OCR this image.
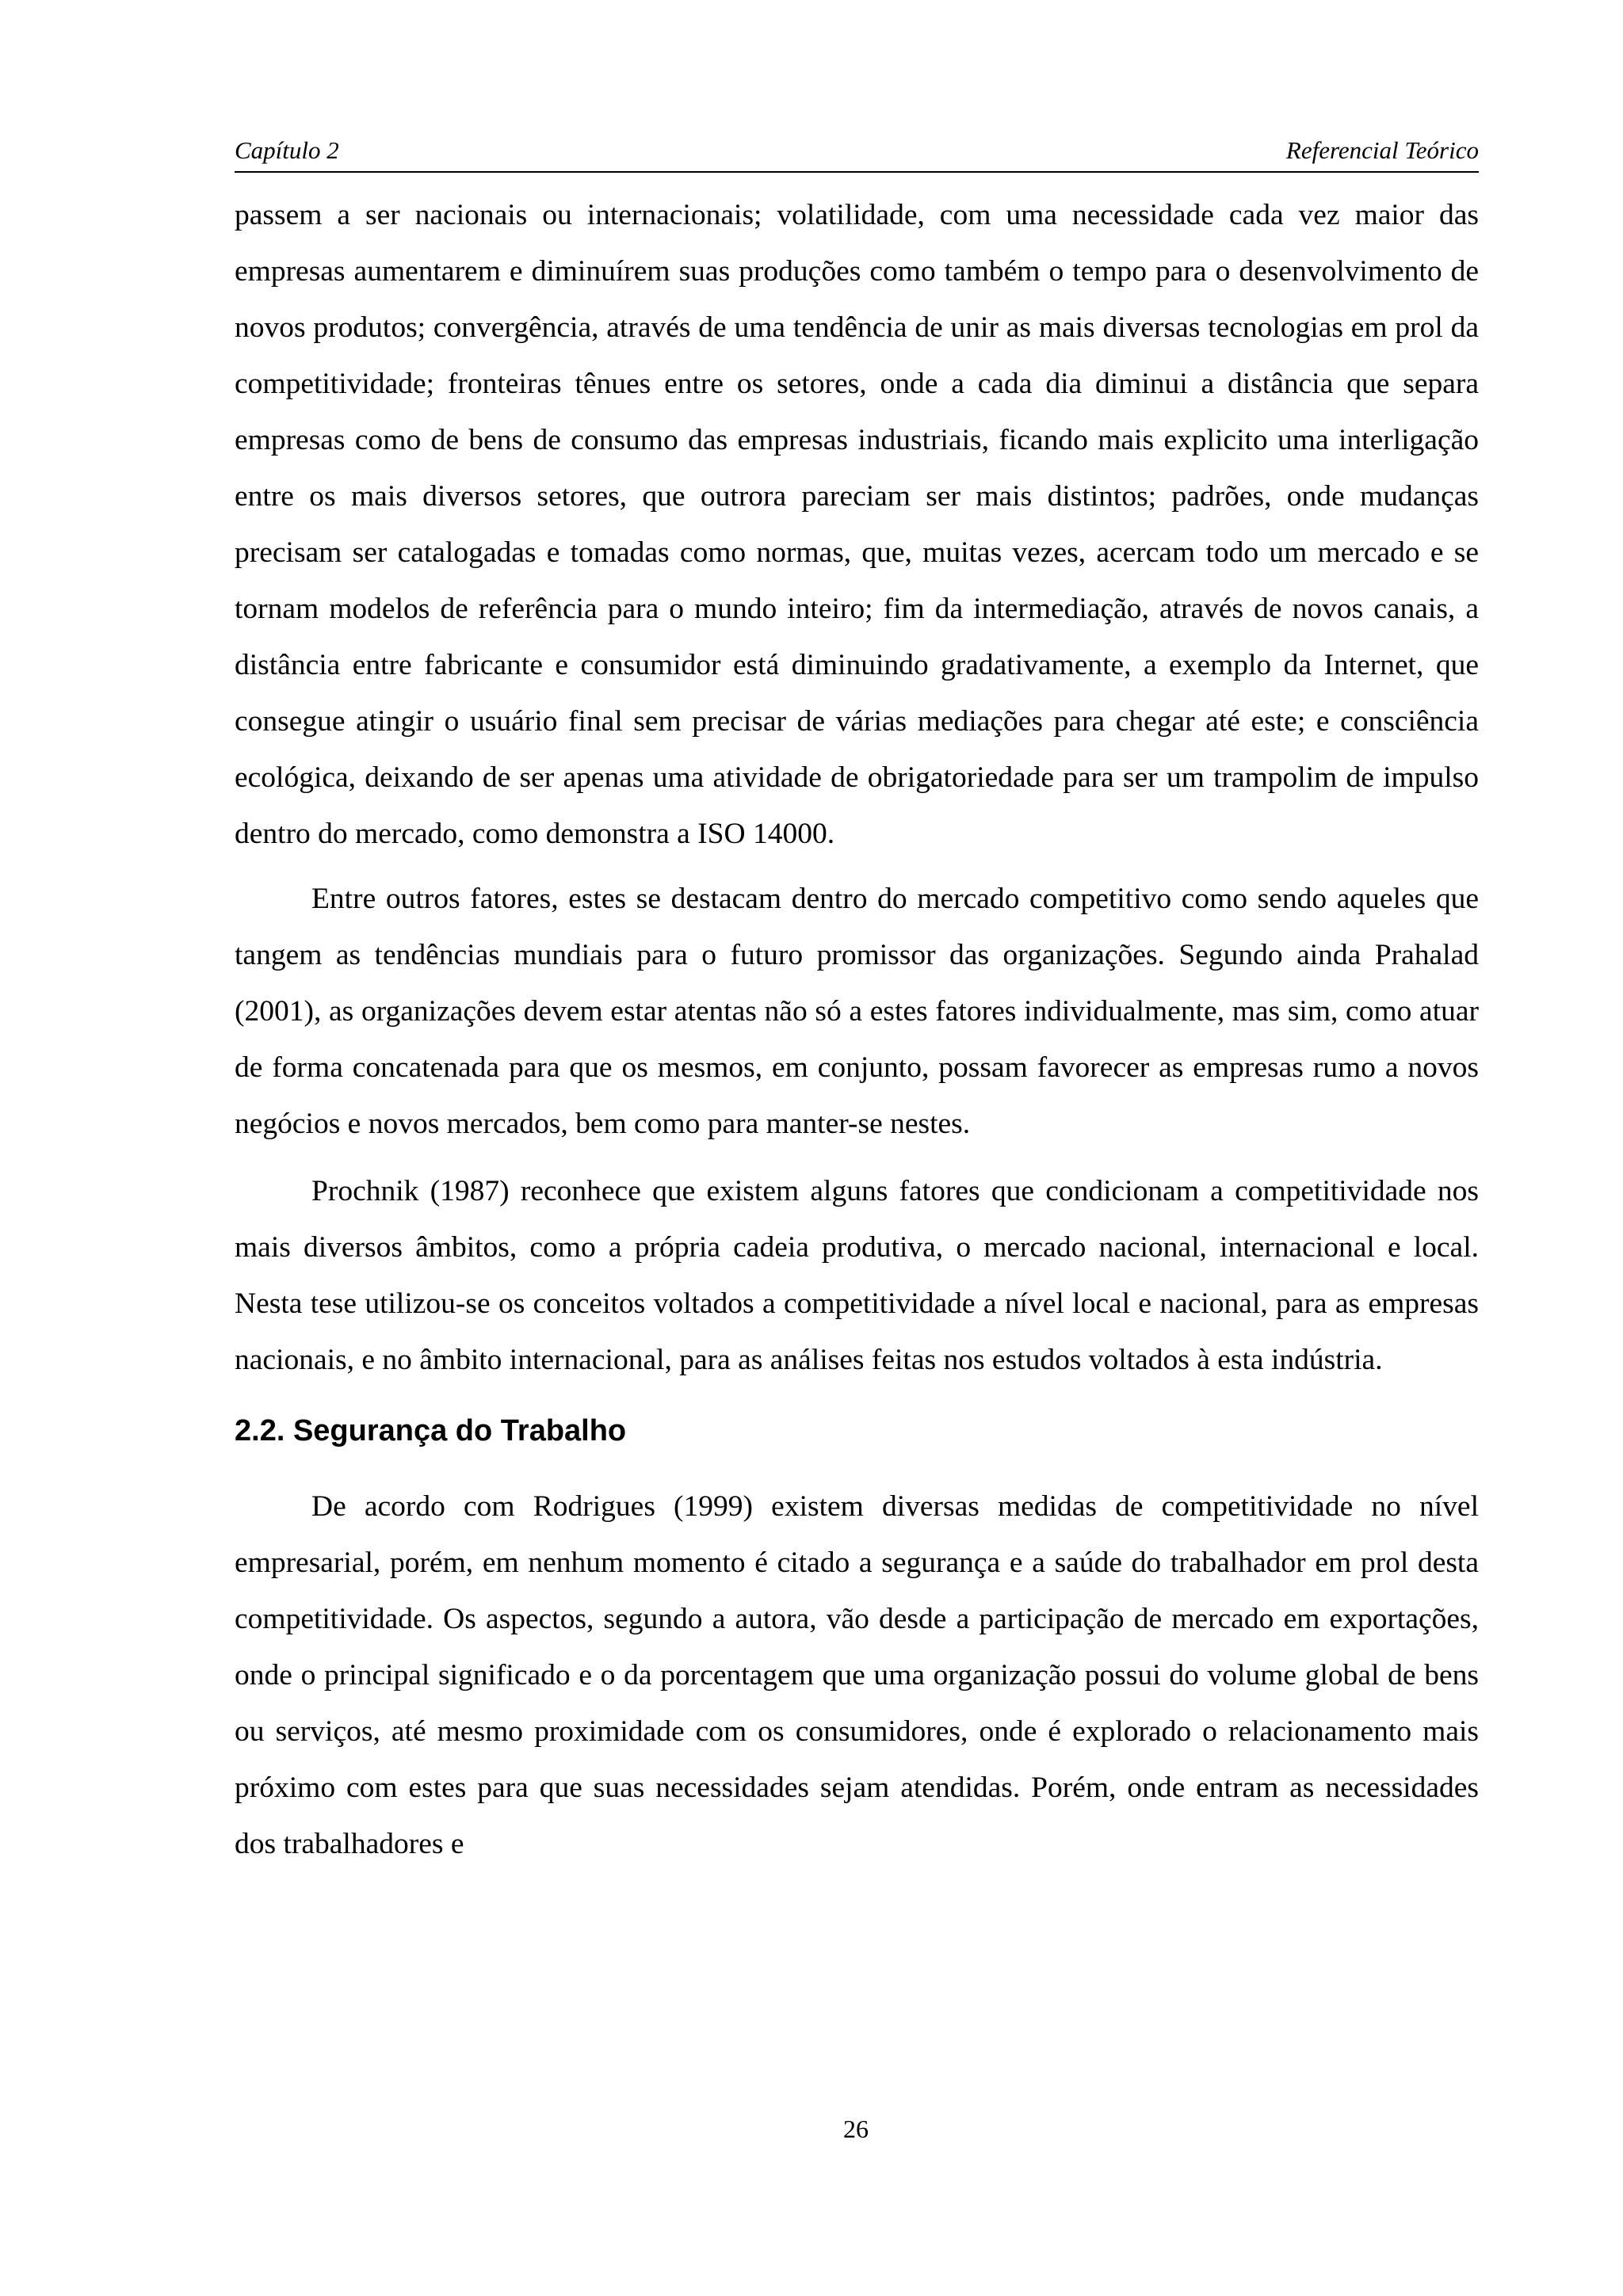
Capítulo 2	Referencial Teórico

passem a ser nacionais ou internacionais; volatilidade, com uma necessidade cada vez maior das empresas aumentarem e diminuírem suas produções como também o tempo para o desenvolvimento de novos produtos; convergência, através de uma tendência de unir as mais diversas tecnologias em prol da competitividade; fronteiras tênues entre os setores, onde a cada dia diminui a distância que separa empresas como de bens de consumo das empresas industriais, ficando mais explicito uma interligação entre os mais diversos setores, que outrora pareciam ser mais distintos; padrões, onde mudanças precisam ser catalogadas e tomadas como normas, que, muitas vezes, acercam todo um mercado e se tornam modelos de referência para o mundo inteiro; fim da intermediação, através de novos canais, a distância entre fabricante e consumidor está diminuindo gradativamente, a exemplo da Internet, que consegue atingir o usuário final sem precisar de várias mediações para chegar até este; e consciência ecológica, deixando de ser apenas uma atividade de obrigatoriedade para ser um trampolim de impulso dentro do mercado, como demonstra a ISO 14000.

Entre outros fatores, estes se destacam dentro do mercado competitivo como sendo aqueles que tangem as tendências mundiais para o futuro promissor das organizações. Segundo ainda Prahalad (2001), as organizações devem estar atentas não só a estes fatores individualmente, mas sim, como atuar de forma concatenada para que os mesmos, em conjunto, possam favorecer as empresas rumo a novos negócios e novos mercados, bem como para manter-se nestes.

Prochnik (1987) reconhece que existem alguns fatores que condicionam a competitividade nos mais diversos âmbitos, como a própria cadeia produtiva, o mercado nacional, internacional e local. Nesta tese utilizou-se os conceitos voltados a competitividade a nível local e nacional, para as empresas nacionais, e no âmbito internacional, para as análises feitas nos estudos voltados à esta indústria.

2.2. Segurança do Trabalho

De acordo com Rodrigues (1999) existem diversas medidas de competitividade no nível empresarial, porém, em nenhum momento é citado a segurança e a saúde do trabalhador em prol desta competitividade. Os aspectos, segundo a autora, vão desde a participação de mercado em exportações, onde o principal significado e o da porcentagem que uma organização possui do volume global de bens ou serviços, até mesmo proximidade com os consumidores, onde é explorado o relacionamento mais próximo com estes para que suas necessidades sejam atendidas. Porém, onde entram as necessidades dos trabalhadores e

26
